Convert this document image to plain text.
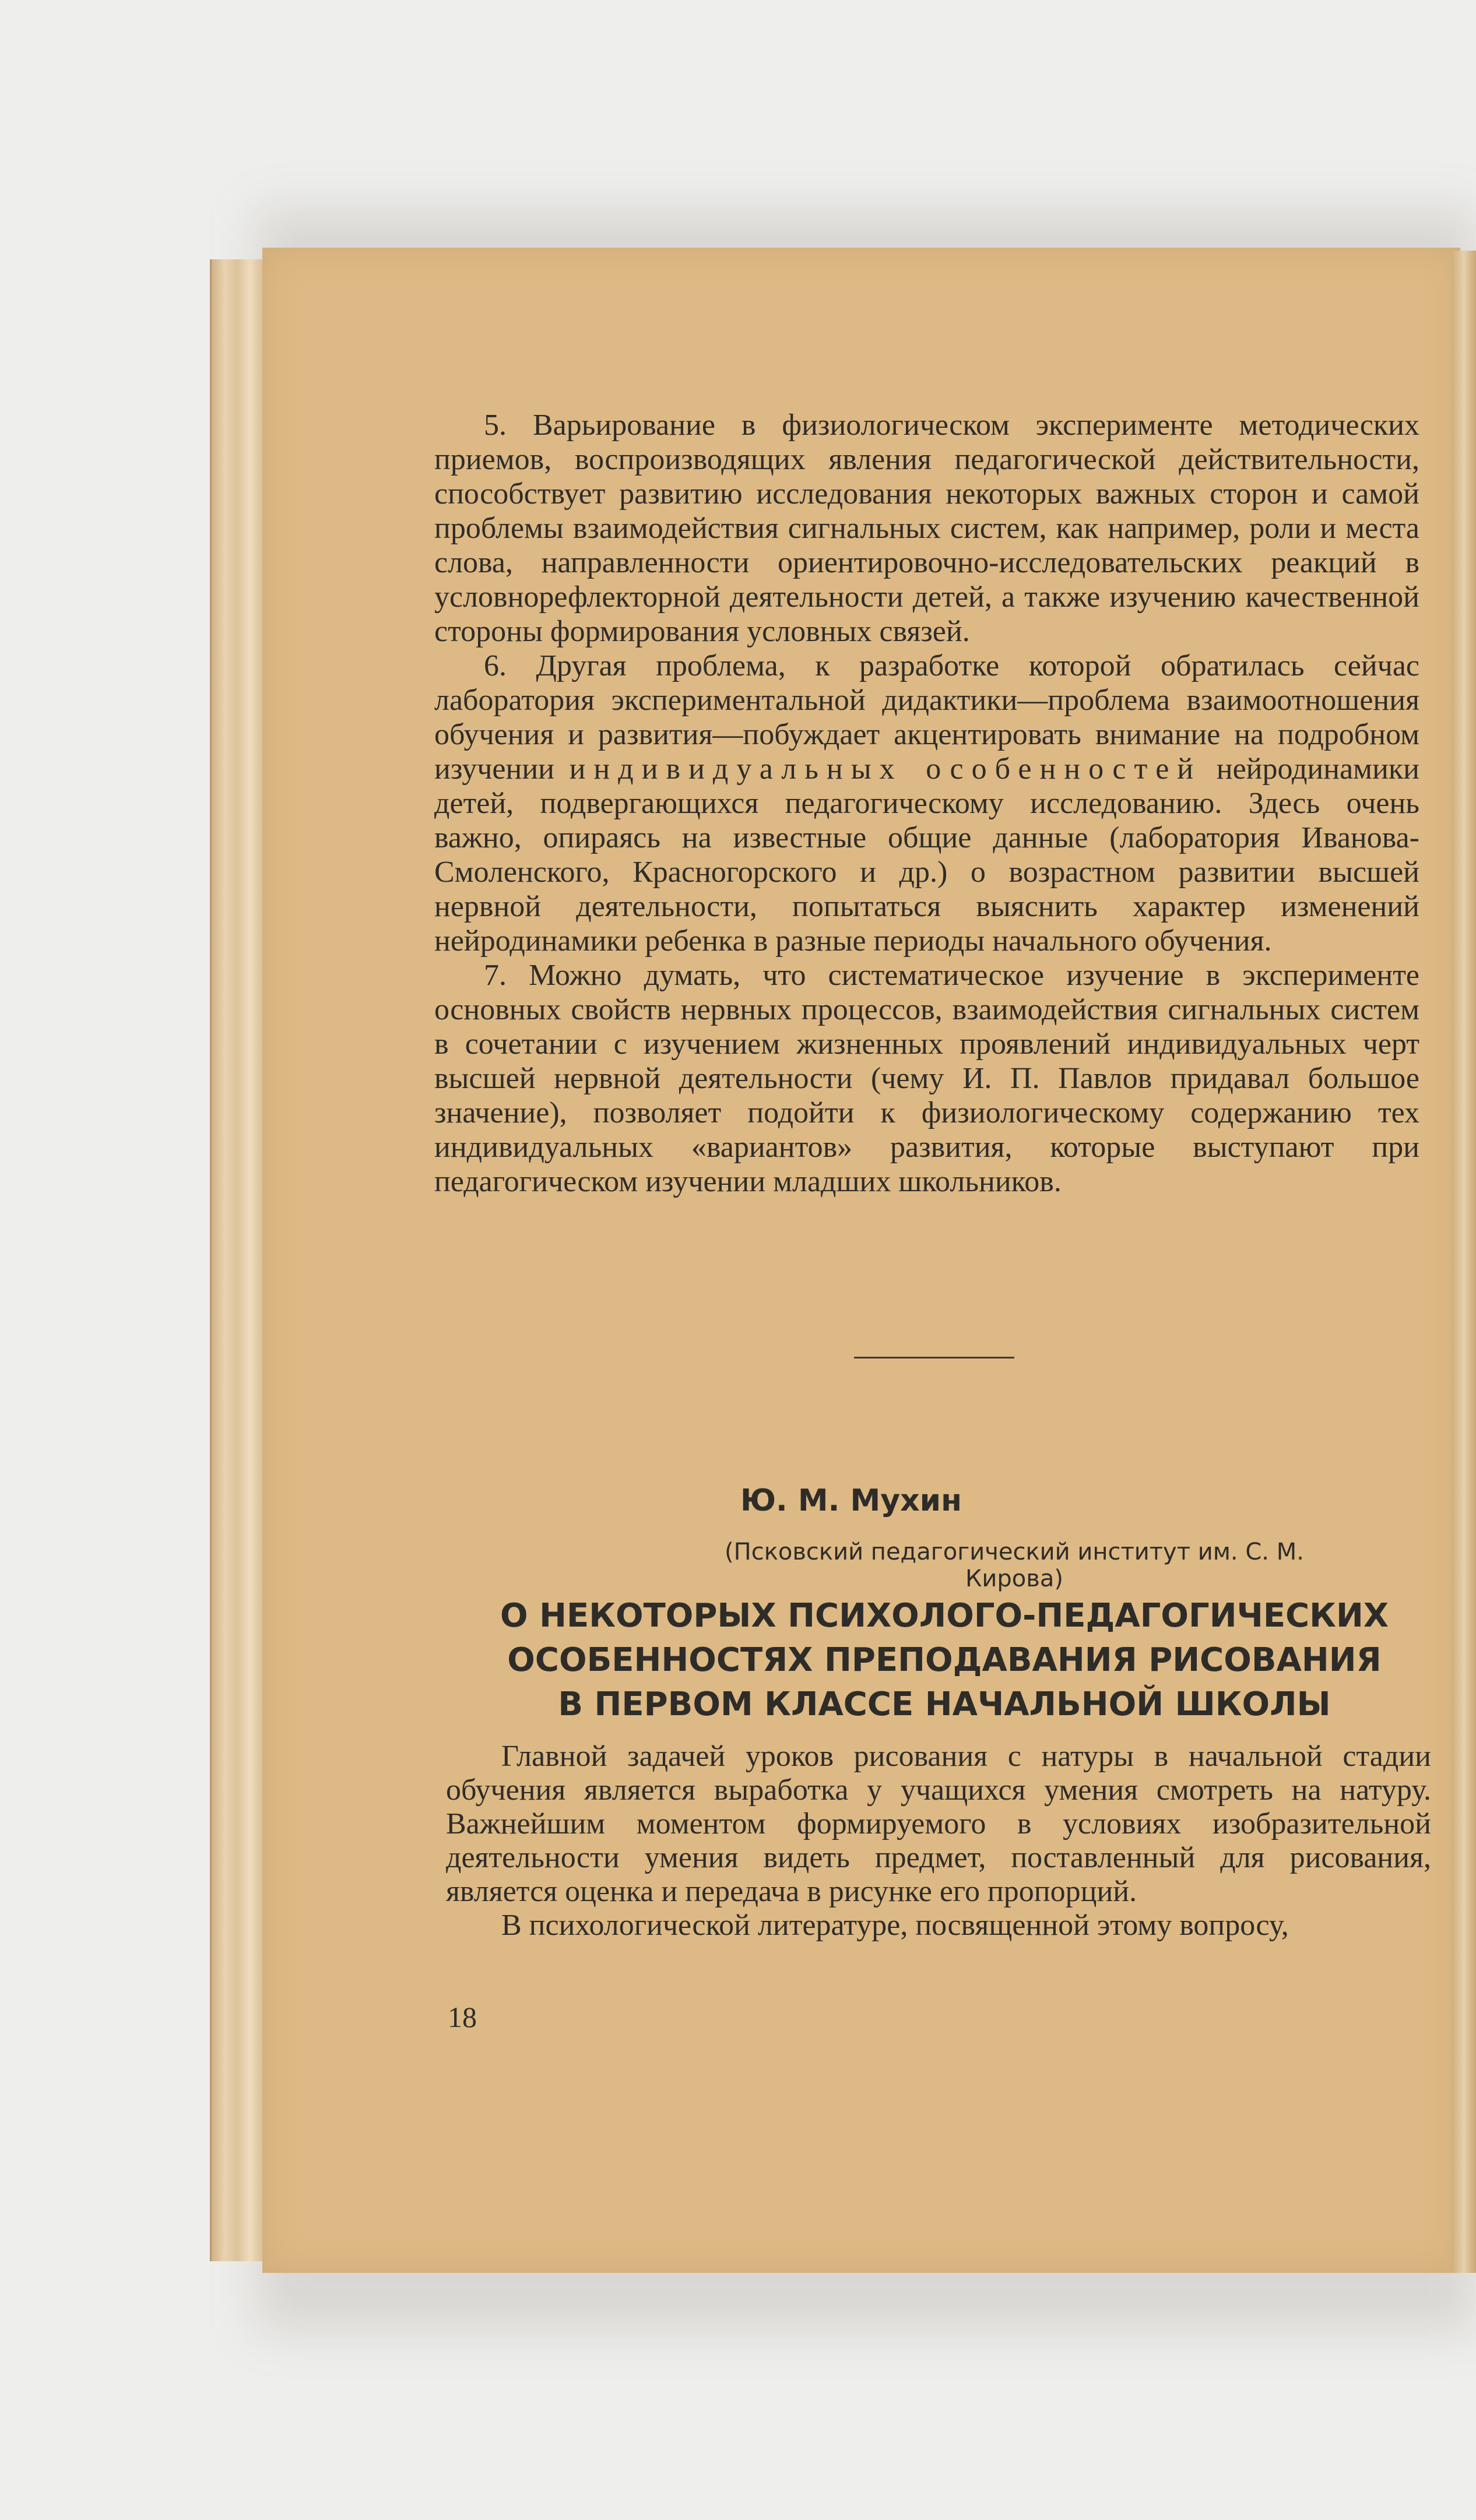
5. Варьирование в физиологическом эксперименте методических приемов, воспроизводящих явления педагогической действительности, способствует развитию исследования некоторых важных сторон и самой проблемы взаимодействия сигнальных систем, как например, роли и места слова, направленности ориентировочно-исследовательских реакций в условнорефлекторной деятельности детей, а также изучению качественной стороны формирования условных связей.

6. Другая проблема, к разработке которой обратилась сейчас лаборатория экспериментальной дидактики—проблема взаимоотношения обучения и развития—побуждает акцентировать внимание на подробном изучении индивидуальных особенностей нейродинамики детей, подвергающихся педагогическому исследованию. Здесь очень важно, опираясь на известные общие данные (лаборатория Иванова-Смоленского, Красногорского и др.) о возрастном развитии высшей нервной деятельности, попытаться выяснить характер изменений нейродинамики ребенка в разные периоды начального обучения.

7. Можно думать, что систематическое изучение в эксперименте основных свойств нервных процессов, взаимодействия сигнальных систем в сочетании с изучением жизненных проявлений индивидуальных черт высшей нервной деятельности (чему И. П. Павлов придавал большое значение), позволяет подойти к физиологическому содержанию тех индивидуальных «вариантов» развития, которые выступают при педагогическом изучении младших школьников.

Ю. М. Мухин
(Псковский педагогический институт им. С. М. Кирова)
О НЕКОТОРЫХ ПСИХОЛОГО-ПЕДАГОГИЧЕСКИХ
ОСОБЕННОСТЯХ ПРЕПОДАВАНИЯ РИСОВАНИЯ
В ПЕРВОМ КЛАССЕ НАЧАЛЬНОЙ ШКОЛЫ

Главной задачей уроков рисования с натуры в начальной стадии обучения является выработка у учащихся умения смотреть на натуру. Важнейшим моментом формируемого в условиях изобразительной деятельности умения видеть предмет, поставленный для рисования, является оценка и передача в рисунке его пропорций.

В психологической литературе, посвященной этому вопросу,

18
